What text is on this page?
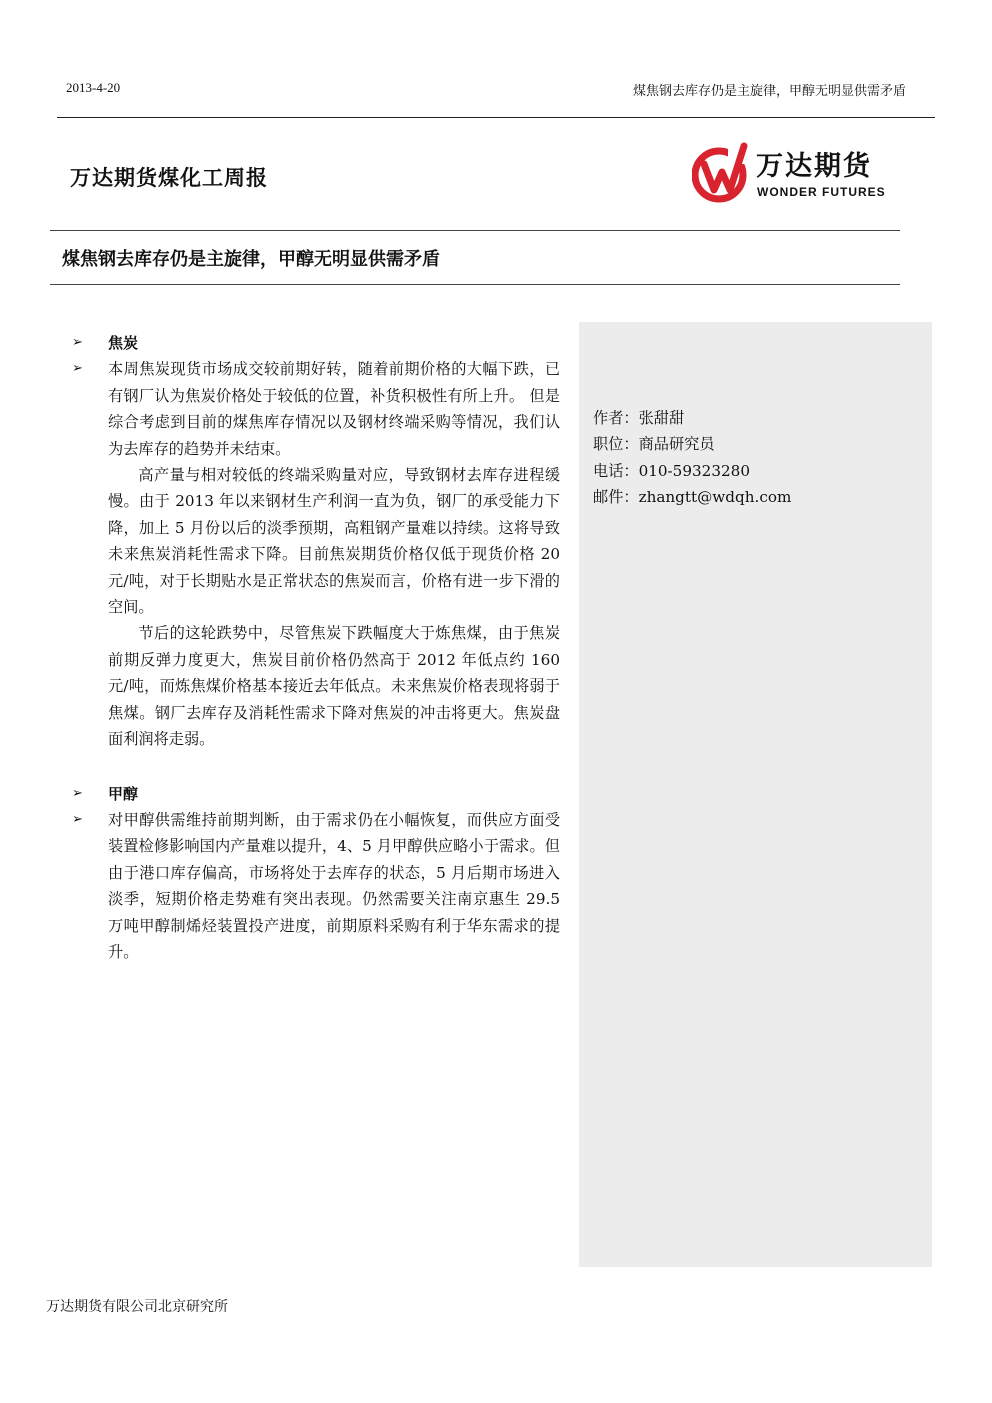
2013-4-20	煤焦钢去库存仍是主旋律，甲醇无明显供需矛盾
万达期货煤化工周报	万达期货
WONDER FUTURES
煤焦钢去库存仍是主旋律，甲醇无明显供需矛盾
➢ 焦炭
➢ 本周焦炭现货市场成交较前期好转，随着前期价格的大幅下跌，已有钢厂认为焦炭价格处于较低的位置，补货积极性有所上升。 但是综合考虑到目前的煤焦库存情况以及钢材终端采购等情况，我们认为去库存的趋势并未结束。
高产量与相对较低的终端采购量对应，导致钢材去库存进程缓慢。由于 2013 年以来钢材生产利润一直为负，钢厂的承受能力下降，加上 5 月份以后的淡季预期，高粗钢产量难以持续。这将导致未来焦炭消耗性需求下降。目前焦炭期货价格仅低于现货价格 20 元/吨，对于长期贴水是正常状态的焦炭而言，价格有进一步下滑的空间。
节后的这轮跌势中，尽管焦炭下跌幅度大于炼焦煤，由于焦炭前期反弹力度更大，焦炭目前价格仍然高于 2012 年低点约 160 元/吨，而炼焦煤价格基本接近去年低点。未来焦炭价格表现将弱于焦煤。钢厂去库存及消耗性需求下降对焦炭的冲击将更大。焦炭盘面利润将走弱。
➢ 甲醇
➢ 对甲醇供需维持前期判断，由于需求仍在小幅恢复，而供应方面受装置检修影响国内产量难以提升，4、5 月甲醇供应略小于需求。但由于港口库存偏高，市场将处于去库存的状态，5 月后期市场进入淡季，短期价格走势难有突出表现。仍然需要关注南京惠生 29.5 万吨甲醇制烯烃装置投产进度，前期原料采购有利于华东需求的提升。
作者：张甜甜
职位：商品研究员
电话：010-59323280
邮件：zhangtt@wdqh.com
万达期货有限公司北京研究所
